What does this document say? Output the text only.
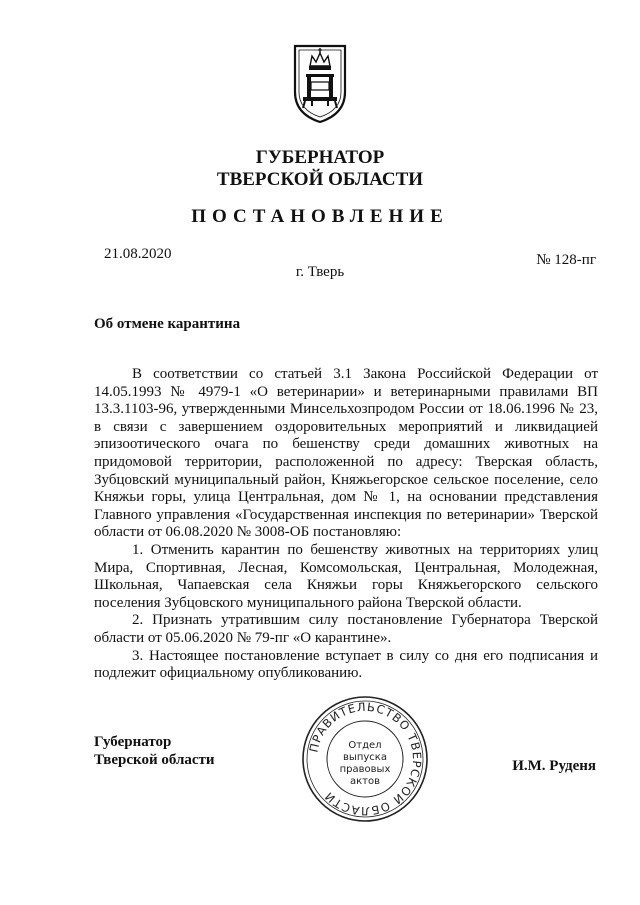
ГУБЕРНАТОР
ТВЕРСКОЙ ОБЛАСТИ
ПОСТАНОВЛЕНИЕ
21.08.2020	№ 128-пг
г. Тверь
Об отмене карантина

В соответствии со статьей 3.1 Закона Российской Федерации от 14.05.1993 № 4979-1 «О ветеринарии» и ветеринарными правилами ВП 13.3.1103-96, утвержденными Минсельхозпродом России от 18.06.1996 № 23, в связи с завершением оздоровительных мероприятий и ликвидацией эпизоотического очага по бешенству среди домашних животных на придомовой территории, расположенной по адресу: Тверская область, Зубцовский муниципальный район, Княжьегорское сельское поселение, село Княжьи горы, улица Центральная, дом № 1, на основании представления Главного управления «Государственная инспекция по ветеринарии» Тверской области от 06.08.2020 № 3008-ОБ постановляю:

1. Отменить карантин по бешенству животных на территориях улиц Мира, Спортивная, Лесная, Комсомольская, Центральная, Молодежная, Школьная, Чапаевская села Княжьи горы Княжьегорского сельского поселения Зубцовского муниципального района Тверской области.

2. Признать утратившим силу постановление Губернатора Тверской области от 05.06.2020 № 79-пг «О карантине».

3. Настоящее постановление вступает в силу со дня его подписания и подлежит официальному опубликованию.

Губернатор
Тверской области	И.М. Руденя
ПРАВИТЕЛЬСТВО ТВЕРСКОЙ ОБЛАСТИ
Отдел
выпуска
правовых
актов
